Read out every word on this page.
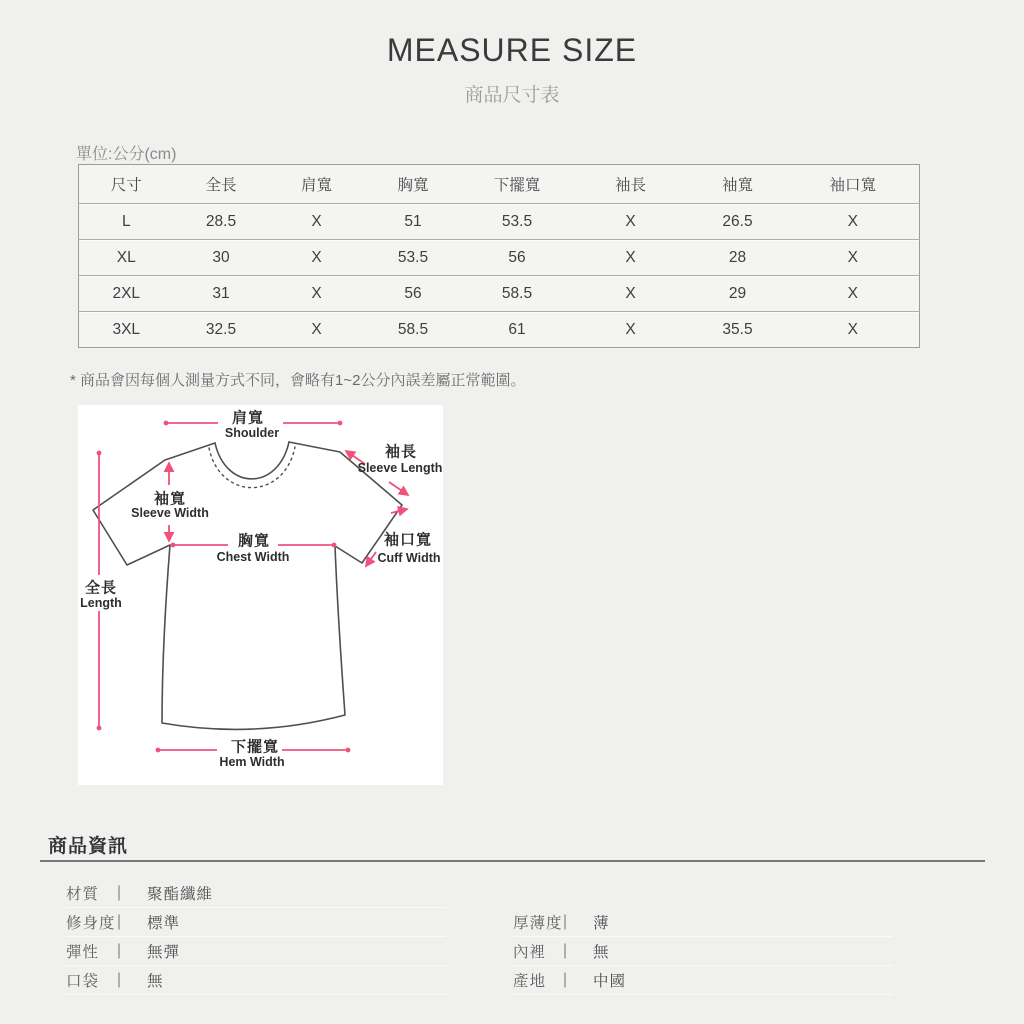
MEASURE SIZE
商品尺寸表
單位:公分(cm)
尺寸	全長	肩寬	胸寬	下擺寬	袖長	袖寬	袖口寬
L	28.5	X	51	53.5	X	26.5	X
XL	30	X	53.5	56	X	28	X
2XL	31	X	56	58.5	X	29	X
3XL	32.5	X	58.5	61	X	35.5	X
* 商品會因每個人測量方式不同，會略有1~2公分內誤差屬正常範圍。
肩寬
Shoulder
袖長
Sleeve Length
袖寬
Sleeve Width
胸寬
Chest Width
袖口寬
Cuff Width
全長
Length
下擺寬
Hem Width
商品資訊
材質	|	聚酯纖維
修身度 |	標準
彈性	|	無彈
口袋	|	無
厚薄度 |	薄
內裡	|	無
產地	|	中國
